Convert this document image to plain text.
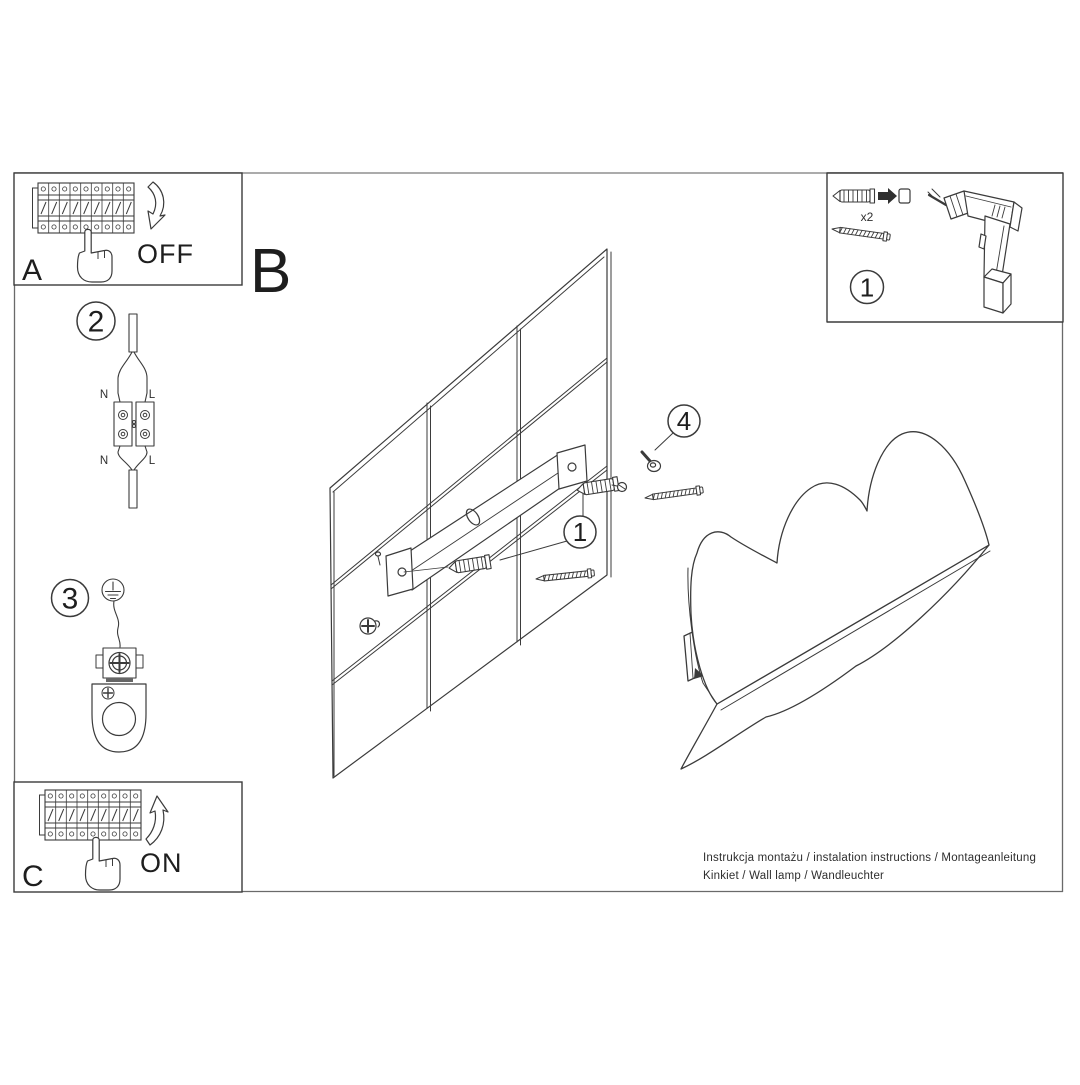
OFF
A	B
N	L
N	L
ON
C
x2
1
2
3
1
4
Instrukcja montażu / instalation instructions / Montageanleitung
Kinkiet / Wall lamp / Wandleuchter
